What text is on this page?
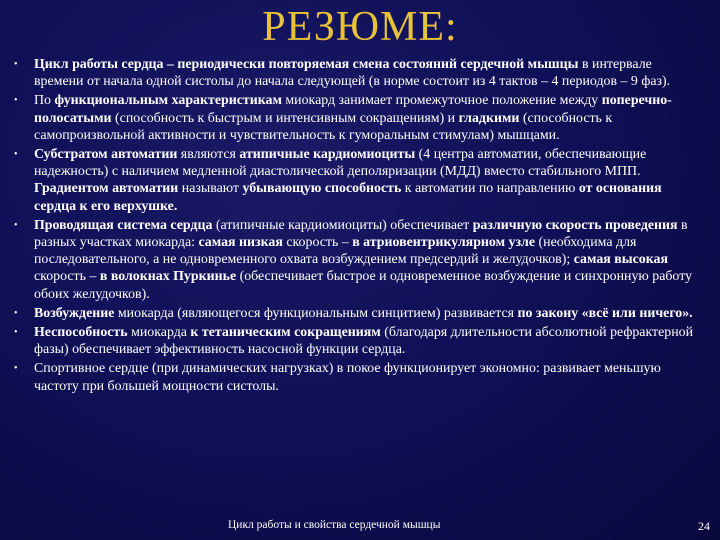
РЕЗЮМЕ:
• Цикл работы сердца – периодически повторяемая смена состояний сердечной мышцы в интервале времени от начала одной систолы до начала следующей (в норме состоит из 4 тактов – 4 периодов – 9 фаз).
• По функциональным характеристикам миокард занимает промежуточное положение между поперечно-полосатыми (способность к быстрым и интенсивным сокращениям) и гладкими (способность к самопроизвольной активности и чувствительность к гуморальным стимулам) мышцами.
• Субстратом автоматии являются атипичные кардиомиоциты (4 центра автоматии, обеспечивающие надежность) с наличием медленной диастолической деполяризации (МДД) вместо стабильного МПП. Градиентом автоматии называют убывающую способность к автоматии по направлению от основания сердца к его верхушке.
• Проводящая система сердца (атипичные кардиомиоциты) обеспечивает различную скорость проведения в разных участках миокарда: самая низкая скорость – в атриовентрикулярном узле (необходима для последовательного, а не одновременного охвата возбуждением предсердий и желудочков); самая высокая скорость – в волокнах Пуркинье (обеспечивает быстрое и одновременное возбуждение и синхронную работу обоих желудочков).
• Возбуждение миокарда (являющегося функциональным синцитием) развивается по закону «всё или ничего».
• Неспособность миокарда к тетаническим сокращениям (благодаря длительности абсолютной рефрактерной фазы) обеспечивает эффективность насосной функции сердца.
• Спортивное сердце (при динамических нагрузках) в покое функционирует экономно: развивает меньшую частоту при большей мощности систолы.
Цикл работы и свойства сердечной мышцы	24
